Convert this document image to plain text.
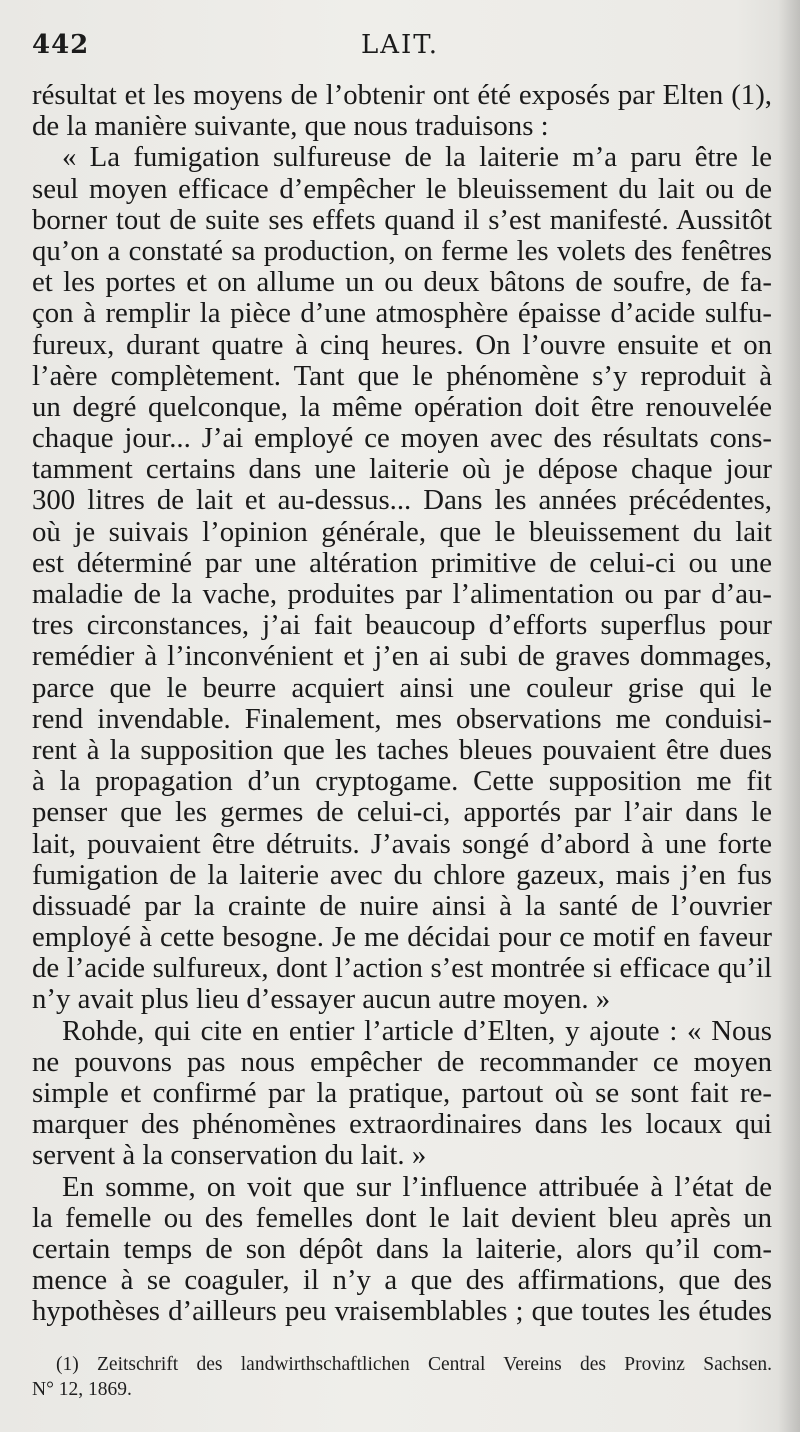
442	LAIT.
résultat et les moyens de l’obtenir ont été exposés par Elten (1),
de la manière suivante, que nous traduisons :
« La fumigation sulfureuse de la laiterie m’a paru être le
seul moyen efficace d’empêcher le bleuissement du lait ou de
borner tout de suite ses effets quand il s’est manifesté. Aussitôt
qu’on a constaté sa production, on ferme les volets des fenêtres
et les portes et on allume un ou deux bâtons de soufre, de fa-
çon à remplir la pièce d’une atmosphère épaisse d’acide sulfu-
fureux, durant quatre à cinq heures. On l’ouvre ensuite et on
l’aère complètement. Tant que le phénomène s’y reproduit à
un degré quelconque, la même opération doit être renouvelée
chaque jour... J’ai employé ce moyen avec des résultats cons-
tamment certains dans une laiterie où je dépose chaque jour
300 litres de lait et au-dessus... Dans les années précédentes,
où je suivais l’opinion générale, que le bleuissement du lait
est déterminé par une altération primitive de celui-ci ou une
maladie de la vache, produites par l’alimentation ou par d’au-
tres circonstances, j’ai fait beaucoup d’efforts superflus pour
remédier à l’inconvénient et j’en ai subi de graves dommages,
parce que le beurre acquiert ainsi une couleur grise qui le
rend invendable. Finalement, mes observations me conduisi-
rent à la supposition que les taches bleues pouvaient être dues
à la propagation d’un cryptogame. Cette supposition me fit
penser que les germes de celui-ci, apportés par l’air dans le
lait, pouvaient être détruits. J’avais songé d’abord à une forte
fumigation de la laiterie avec du chlore gazeux, mais j’en fus
dissuadé par la crainte de nuire ainsi à la santé de l’ouvrier
employé à cette besogne. Je me décidai pour ce motif en faveur
de l’acide sulfureux, dont l’action s’est montrée si efficace qu’il
n’y avait plus lieu d’essayer aucun autre moyen. »
Rohde, qui cite en entier l’article d’Elten, y ajoute : « Nous
ne pouvons pas nous empêcher de recommander ce moyen
simple et confirmé par la pratique, partout où se sont fait re-
marquer des phénomènes extraordinaires dans les locaux qui
servent à la conservation du lait. »
En somme, on voit que sur l’influence attribuée à l’état de
la femelle ou des femelles dont le lait devient bleu après un
certain temps de son dépôt dans la laiterie, alors qu’il com-
mence à se coaguler, il n’y a que des affirmations, que des
hypothèses d’ailleurs peu vraisemblables ; que toutes les études
(1) Zeitschrift des landwirthschaftlichen Central Vereins des Provinz Sachsen.
N° 12, 1869.
